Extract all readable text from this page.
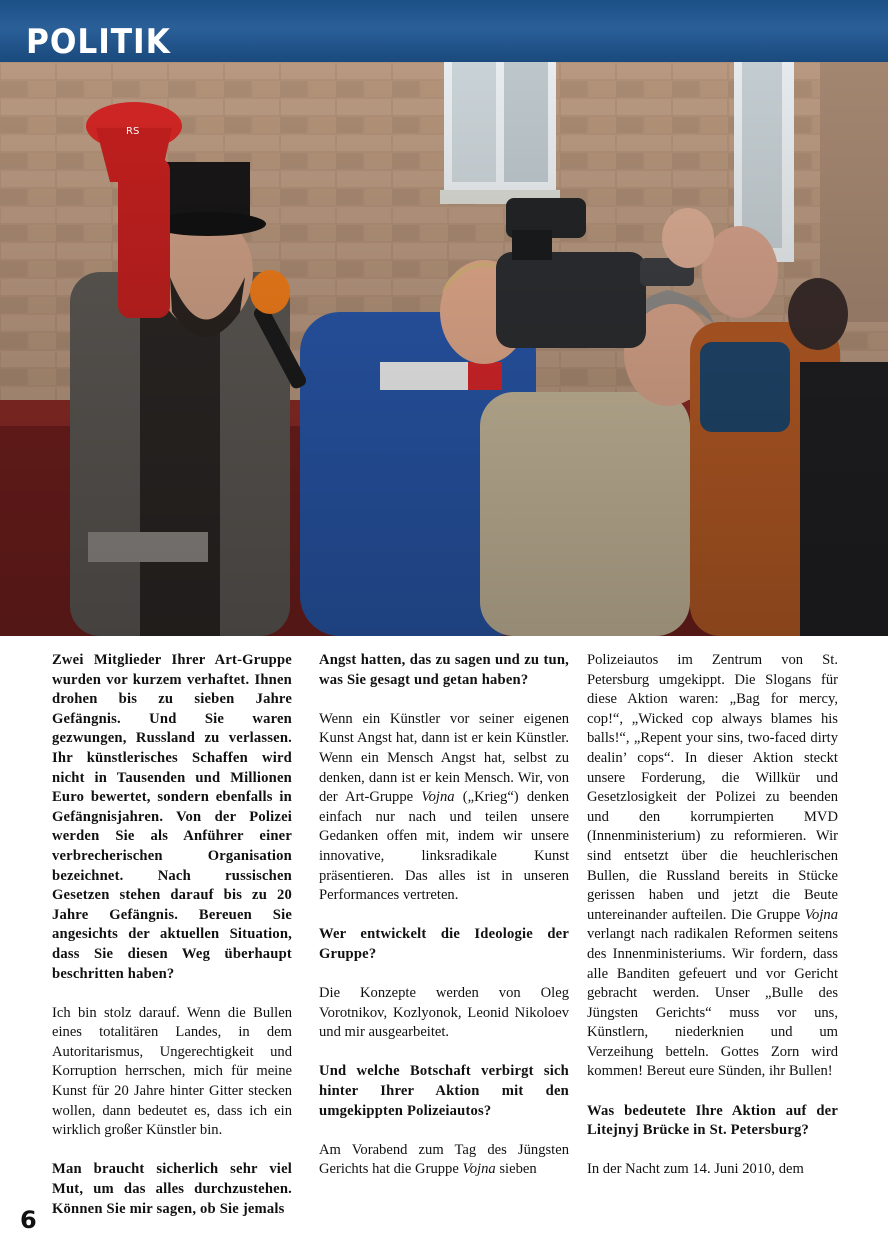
POLITIK

Zwei Mitglieder Ihrer Art-Gruppe wurden vor kurzem verhaftet. Ihnen drohen bis zu sieben Jahre Gefängnis. Und Sie waren gezwungen, Russland zu verlassen. Ihr künstlerisches Schaffen wird nicht in Tausenden und Millionen Euro bewertet, sondern ebenfalls in Gefängnisjahren. Von der Polizei werden Sie als Anführer einer verbrecherischen Organisation bezeichnet. Nach russischen Gesetzen stehen darauf bis zu 20 Jahre Gefängnis. Bereuen Sie angesichts der aktuellen Situation, dass Sie diesen Weg überhaupt beschritten haben?

Ich bin stolz darauf. Wenn die Bullen eines totalitären Landes, in dem Autoritarismus, Ungerechtigkeit und Korruption herrschen, mich für meine Kunst für 20 Jahre hinter Gitter stecken wollen, dann bedeutet es, dass ich ein wirklich großer Künstler bin.

Man braucht sicherlich sehr viel Mut, um das alles durchzustehen. Können Sie mir sagen, ob Sie jemals

Angst hatten, das zu sagen und zu tun, was Sie gesagt und getan haben?

Wenn ein Künstler vor seiner eigenen Kunst Angst hat, dann ist er kein Künstler. Wenn ein Mensch Angst hat, selbst zu denken, dann ist er kein Mensch. Wir, von der Art-Gruppe Vojna („Krieg“) denken einfach nur nach und teilen unsere Gedanken offen mit, indem wir unsere innovative, linksradikale Kunst präsentieren. Das alles ist in unseren Performances vertreten.

Wer entwickelt die Ideologie der Gruppe?

Die Konzepte werden von Oleg Vorotnikov, Kozlyonok, Leonid Nikoloev und mir ausgearbeitet.

Und welche Botschaft verbirgt sich hinter Ihrer Aktion mit den umgekippten Polizeiautos?

Am Vorabend zum Tag des Jüngsten Gerichts hat die Gruppe Vojna sieben

Polizeiautos im Zentrum von St. Petersburg umgekippt. Die Slogans für diese Aktion waren: „Bag for mercy, cop!“, „Wicked cop always blames his balls!“, „Repent your sins, two-faced dirty dealin’ cops“. In dieser Aktion steckt unsere Forderung, die Willkür und Gesetzlosigkeit der Polizei zu beenden und den korrumpierten MVD (Innenministerium) zu reformieren. Wir sind entsetzt über die heuchlerischen Bullen, die Russland bereits in Stücke gerissen haben und jetzt die Beute untereinander aufteilen. Die Gruppe Vojna verlangt nach radikalen Reformen seitens des Innenministeriums. Wir fordern, dass alle Banditen gefeuert und vor Gericht gebracht werden. Unser „Bulle des Jüngsten Gerichts“ muss vor uns, Künstlern, niederknien und um Verzeihung betteln. Gottes Zorn wird kommen! Bereut eure Sünden, ihr Bullen!

Was bedeutete Ihre Aktion auf der Litejnyj Brücke in St. Petersburg?

In der Nacht zum 14. Juni 2010, dem

6
